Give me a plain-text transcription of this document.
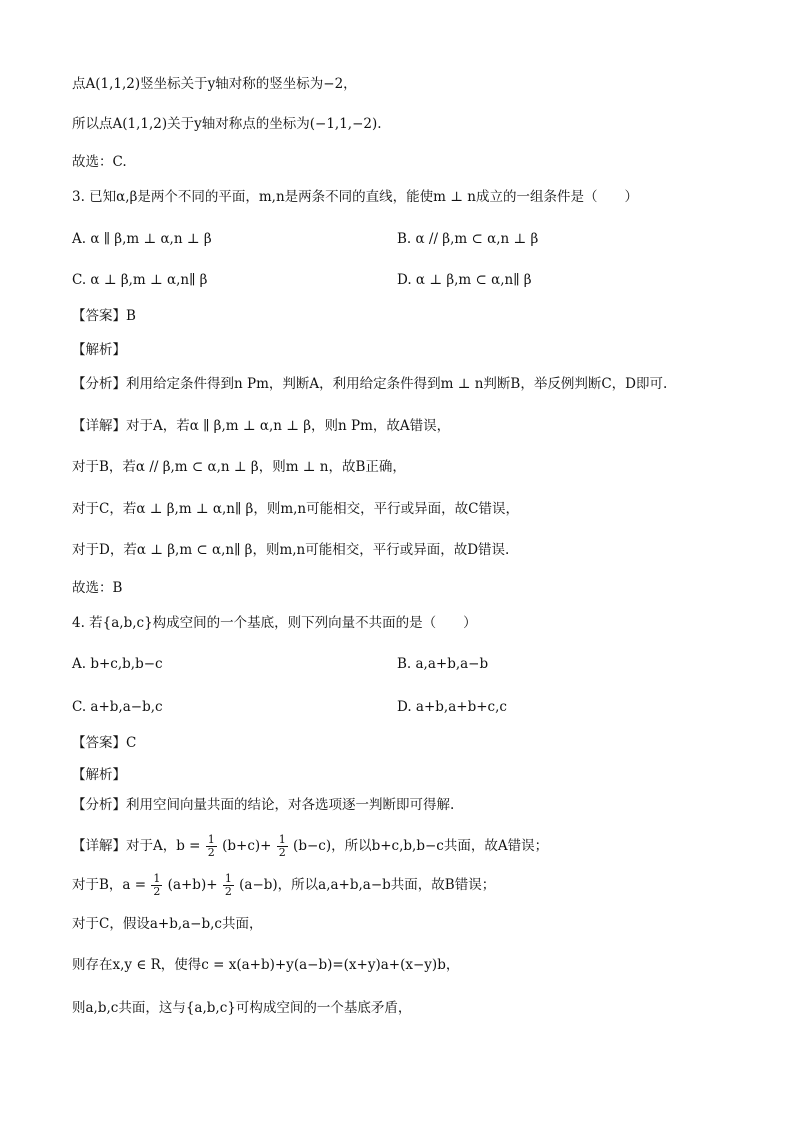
点A(1,1,2)竖坐标关于y轴对称的竖坐标为−2，
所以点A(1,1,2)关于y轴对称点的坐标为(−1,1,−2).
故选：C.
3. 已知α,β是两个不同的平面，m,n是两条不同的直线，能使m ⊥ n成立的一组条件是（　　）
A. α ∥ β,m ⊥ α,n ⊥ β	B. α // β,m ⊂ α,n ⊥ β
C. α ⊥ β,m ⊥ α,n∥ β	D. α ⊥ β,m ⊂ α,n∥ β
【答案】B
【解析】
【分析】利用给定条件得到n Pm，判断A，利用给定条件得到m ⊥ n判断B，举反例判断C，D即可.
【详解】对于A，若α ∥ β,m ⊥ α,n ⊥ β，则n Pm，故A错误，
对于B，若α // β,m ⊂ α,n ⊥ β，则m ⊥ n，故B正确，
对于C，若α ⊥ β,m ⊥ α,n∥ β，则m,n可能相交，平行或异面，故C错误，
对于D，若α ⊥ β,m ⊂ α,n∥ β，则m,n可能相交，平行或异面，故D错误.
故选：B
4. 若{a,b,c}构成空间的一个基底，则下列向量不共面的是（　　）
A. b+c,b,b−c	B. a,a+b,a−b
C. a+b,a−b,c	D. a+b,a+b+c,c
【答案】C
【解析】
【分析】利用空间向量共面的结论，对各选项逐一判断即可得解.
【详解】对于A，$b = \frac{1}{2} (b+c)+ \frac{1}{2} (b-c)$，所以b+c,b,b−c共面，故A错误；
对于B，$a = \frac{1}{2} (a+b)+ \frac{1}{2} (a-b)$，所以a,a+b,a−b共面，故B错误；
对于C，假设a+b,a−b,c共面，
则存在x,y ∈ R，使得c = x(a+b)+y(a−b)=(x+y)a+(x−y)b，
则a,b,c共面，这与{a,b,c}可构成空间的一个基底矛盾，
